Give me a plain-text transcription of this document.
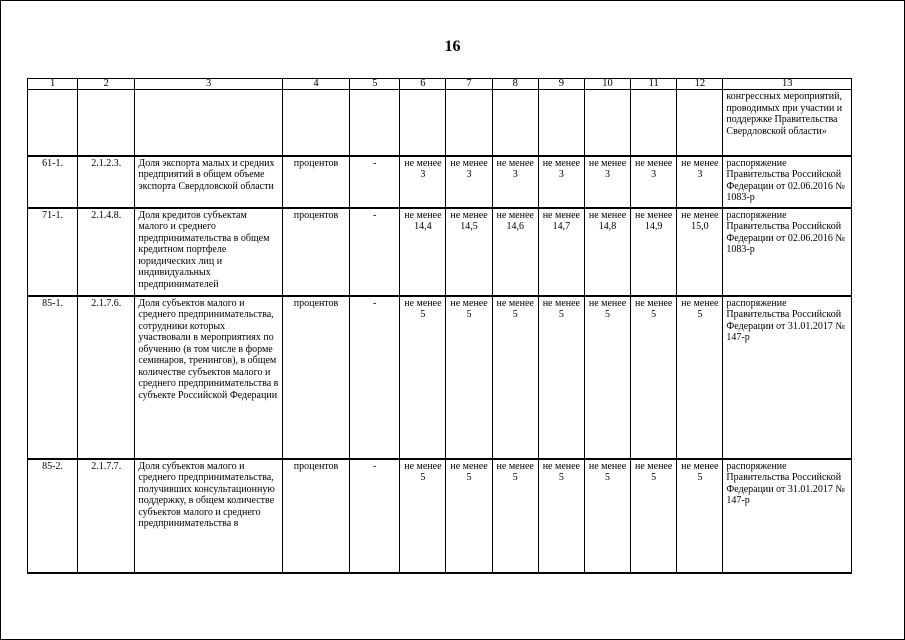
16
1	2	3	4	5	6	7	8	9	10	11	12	13
												конгрессных мероприятий, проводимых при участии и поддержке Правительства Свердловской области»
61-1.	2.1.2.3.	Доля экспорта малых и средних предприятий в общем объеме экспорта Свердловской области	процентов	-	не менее 3	не менее 3	не менее 3	не менее 3	не менее 3	не менее 3	не менее 3	распоряжение Правительства Российской Федерации от 02.06.2016 № 1083-р
71-1.	2.1.4.8.	Доля кредитов субъектам малого и среднего предпринимательства в общем кредитном портфеле юридических лиц и индивидуальных предпринимателей	процентов	-	не менее 14,4	не менее 14,5	не менее 14,6	не менее 14,7	не менее 14,8	не менее 14,9	не менее 15,0	распоряжение Правительства Российской Федерации от 02.06.2016 № 1083-р
85-1.	2.1.7.6.	Доля субъектов малого и среднего предпринимательства, сотрудники которых участвовали в мероприятиях по обучению (в том числе в форме семинаров, тренингов), в общем количестве субъектов малого и среднего предпринимательства в субъекте Российской Федерации	процентов	-	не менее 5	не менее 5	не менее 5	не менее 5	не менее 5	не менее 5	не менее 5	распоряжение Правительства Российской Федерации от 31.01.2017 № 147-р
85-2.	2.1.7.7.	Доля субъектов малого и среднего предпринимательства, получивших консультационную поддержку, в общем количестве субъектов малого и среднего предпринимательства в	процентов	-	не менее 5	не менее 5	не менее 5	не менее 5	не менее 5	не менее 5	не менее 5	распоряжение Правительства Российской Федерации от 31.01.2017 № 147-р
